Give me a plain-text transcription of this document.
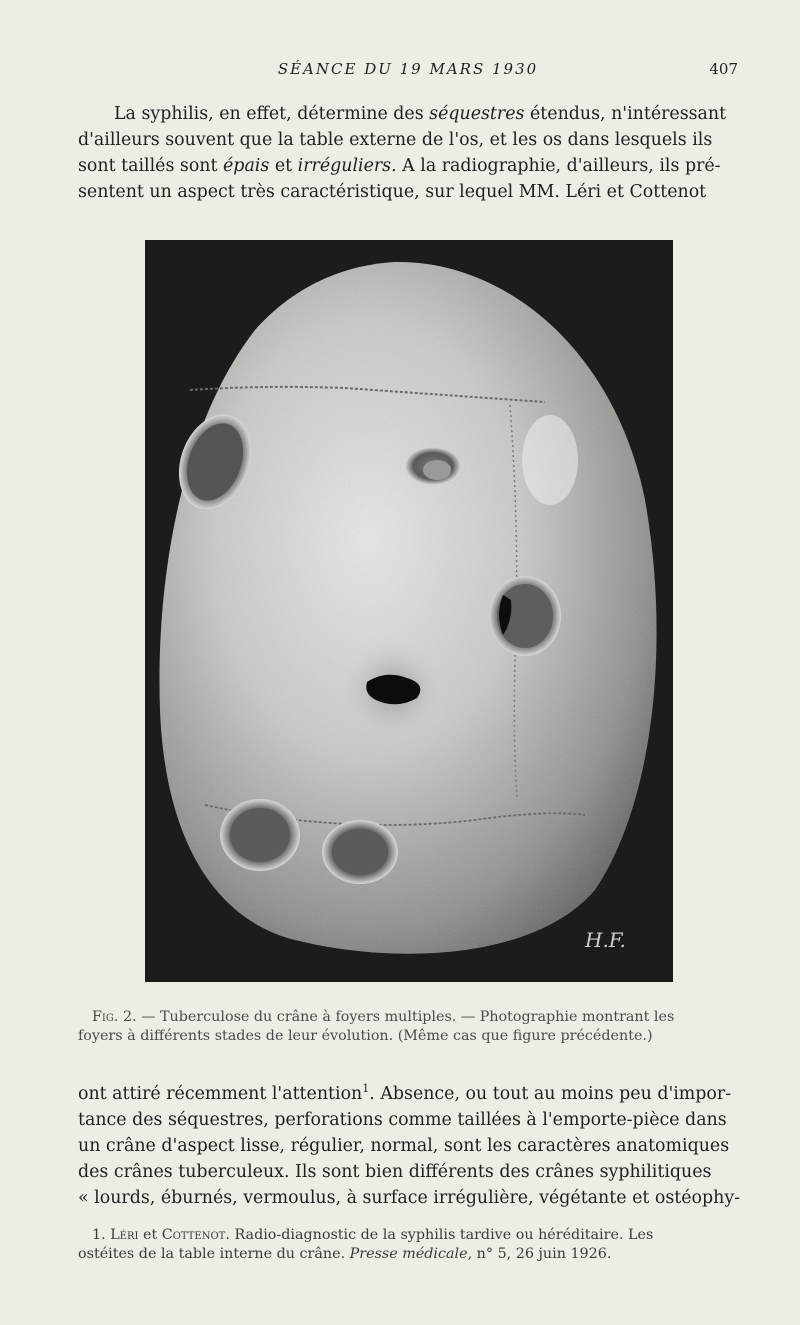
SÉANCE DU 19 MARS 1930	407
La syphilis, en effet, détermine des séquestres étendus, n'intéressant
d'ailleurs souvent que la table externe de l'os, et les os dans lesquels ils
sont taillés sont épais et irréguliers. A la radiographie, d'ailleurs, ils pré-
sentent un aspect très caractéristique, sur lequel MM. Léri et Cottenot
H.F.
Fig. 2. — Tuberculose du crâne à foyers multiples. — Photographie montrant les
foyers à différents stades de leur évolution. (Même cas que figure précédente.)
ont attiré récemment l'attention$^1$. Absence, ou tout au moins peu d'impor-
tance des séquestres, perforations comme taillées à l'emporte-pièce dans
un crâne d'aspect lisse, régulier, normal, sont les caractères anatomiques
des crânes tuberculeux. Ils sont bien différents des crânes syphilitiques
« lourds, éburnés, vermoulus, à surface irrégulière, végétante et ostéophy-
1. Léri et Cottenot. Radio-diagnostic de la syphilis tardive ou héréditaire. Les
ostéites de la table interne du crâne. Presse médicale, n° 5, 26 juin 1926.
